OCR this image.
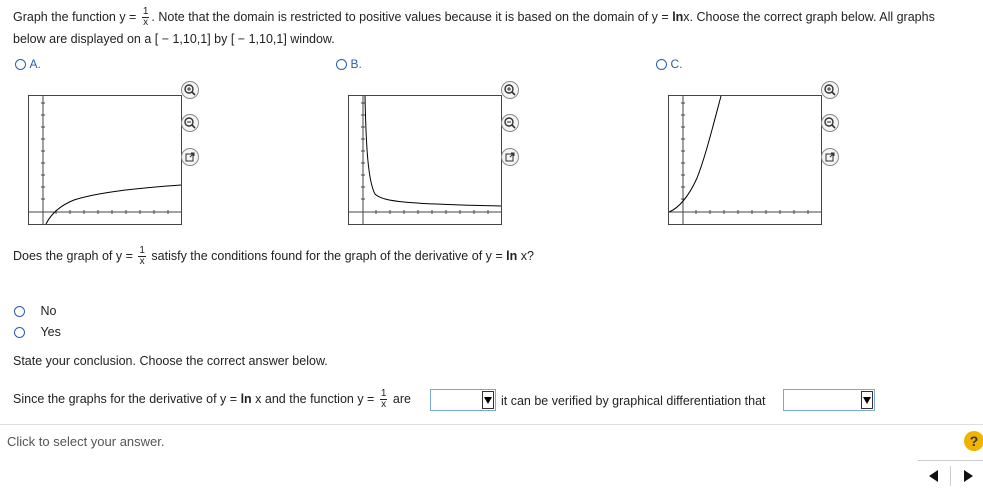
Graph the function $y = \frac{1}{x}$ . Note that the domain is restricted to positive values because it is based on the domain of y = lnx. Choose the correct graph below. All graphs
below are displayed on a [ − 1,10,1] by [ − 1,10,1] window.
A.	B.	C.
Does the graph of $y = \frac{1}{x}$ satisfy the conditions found for the graph of the derivative of y = ln x?
No
Yes
State your conclusion. Choose the correct answer below.
Since the graphs for the derivative of y = ln x and the function $y = \frac{1}{x}$ are	it can be verified by graphical differentiation that
Click to select your answer.	?
